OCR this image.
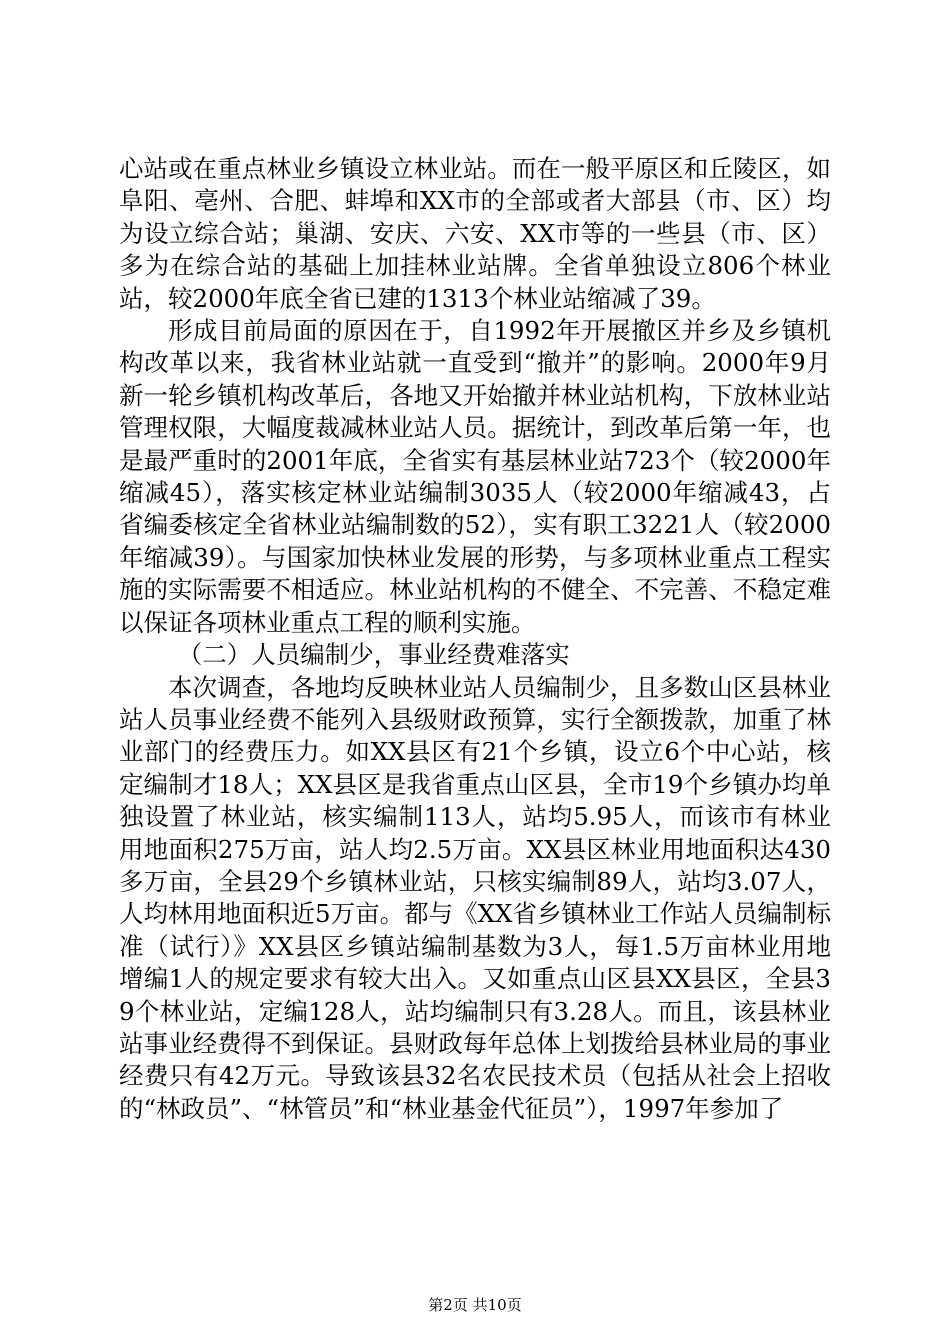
心站或在重点林业乡镇设立林业站。而在一般平原区和丘陵区，如阜阳、亳州、合肥、蚌埠和XX市的全部或者大部县（市、区）均为设立综合站；巢湖、安庆、六安、XX市等的一些县（市、区）多为在综合站的基础上加挂林业站牌。全省单独设立806个林业站，较2000年底全省已建的1313个林业站缩减了39。

形成目前局面的原因在于，自1992年开展撤区并乡及乡镇机构改革以来，我省林业站就一直受到“撤并”的影响。2000年9月新一轮乡镇机构改革后，各地又开始撤并林业站机构，下放林业站管理权限，大幅度裁减林业站人员。据统计，到改革后第一年，也是最严重时的2001年底，全省实有基层林业站723个（较2000年缩减45），落实核定林业站编制3035人（较2000年缩减43，占省编委核定全省林业站编制数的52），实有职工3221人（较2000年缩减39）。与国家加快林业发展的形势，与多项林业重点工程实施的实际需要不相适应。林业站机构的不健全、不完善、不稳定难以保证各项林业重点工程的顺利实施。

（二）人员编制少，事业经费难落实

本次调查，各地均反映林业站人员编制少，且多数山区县林业站人员事业经费不能列入县级财政预算，实行全额拨款，加重了林业部门的经费压力。如XX县区有21个乡镇，设立6个中心站，核定编制才18人；XX县区是我省重点山区县，全市19个乡镇办均单独设置了林业站，核实编制113人，站均5.95人，而该市有林业用地面积275万亩，站人均2.5万亩。XX县区林业用地面积达430多万亩，全县29个乡镇林业站，只核实编制89人，站均3.07人，人均林用地面积近5万亩。都与《XX省乡镇林业工作站人员编制标准（试行）》XX县区乡镇站编制基数为3人，每1.5万亩林业用地增编1人的规定要求有较大出入。又如重点山区县XX县区，全县39个林业站，定编128人，站均编制只有3.28人。而且，该县林业站事业经费得不到保证。县财政每年总体上划拨给县林业局的事业经费只有42万元。导致该县32名农民技术员（包括从社会上招收的“林政员”、“林管员”和“林业基金代征员”），1997年参加了

第2页 共10页
